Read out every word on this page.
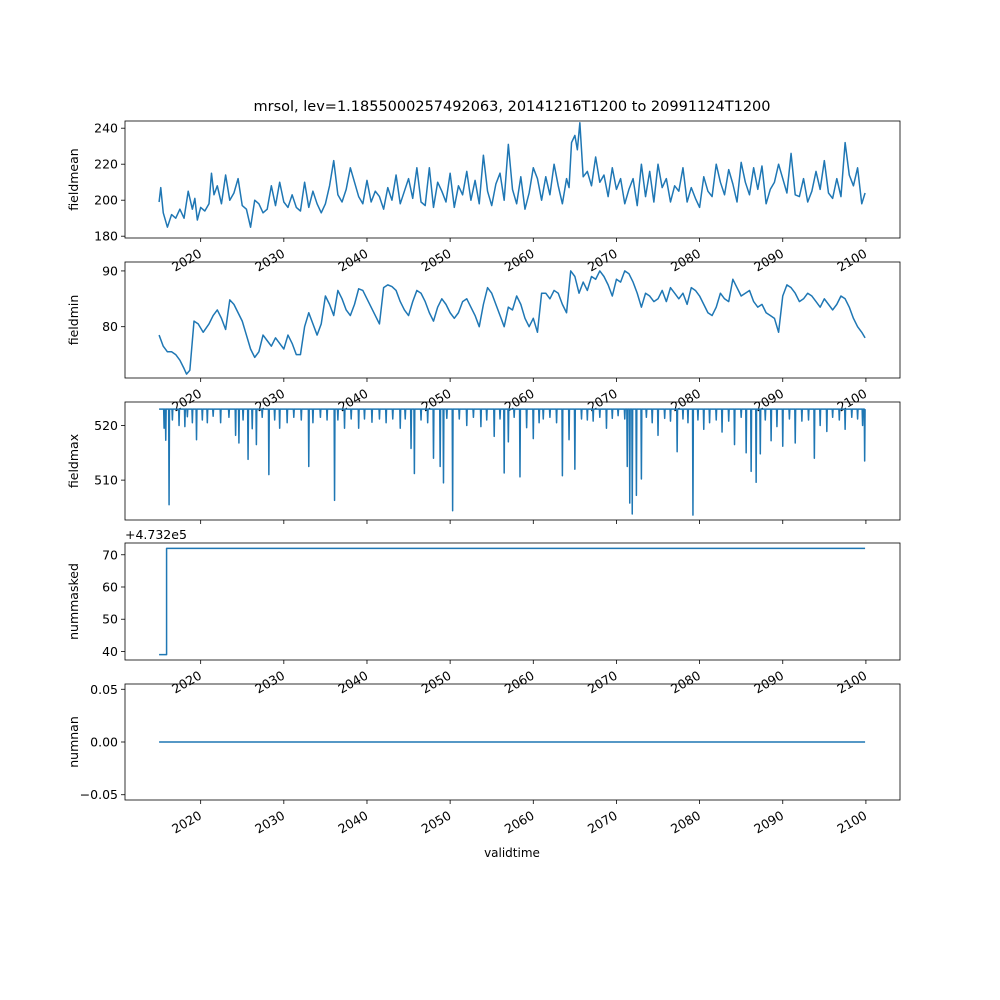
180
200
220
240
2020	2030	2040	2050	2060	2070	2080	2090	2100
fieldmean
80
90
2020	2030	2040	2050	2060	2070	2080	2090	2100
fieldmin
510
520
fieldmax
40
50
60
70
2020	2030	2040	2050	2060	2070	2080	2090	2100
nummasked
+4.732e5
−0.05
0.00
0.05
2020	2030	2040	2050	2060	2070	2080	2090	2100
numnan
mrsol, lev=1.1855000257492063, 20141216T1200 to 20991124T1200
validtime
